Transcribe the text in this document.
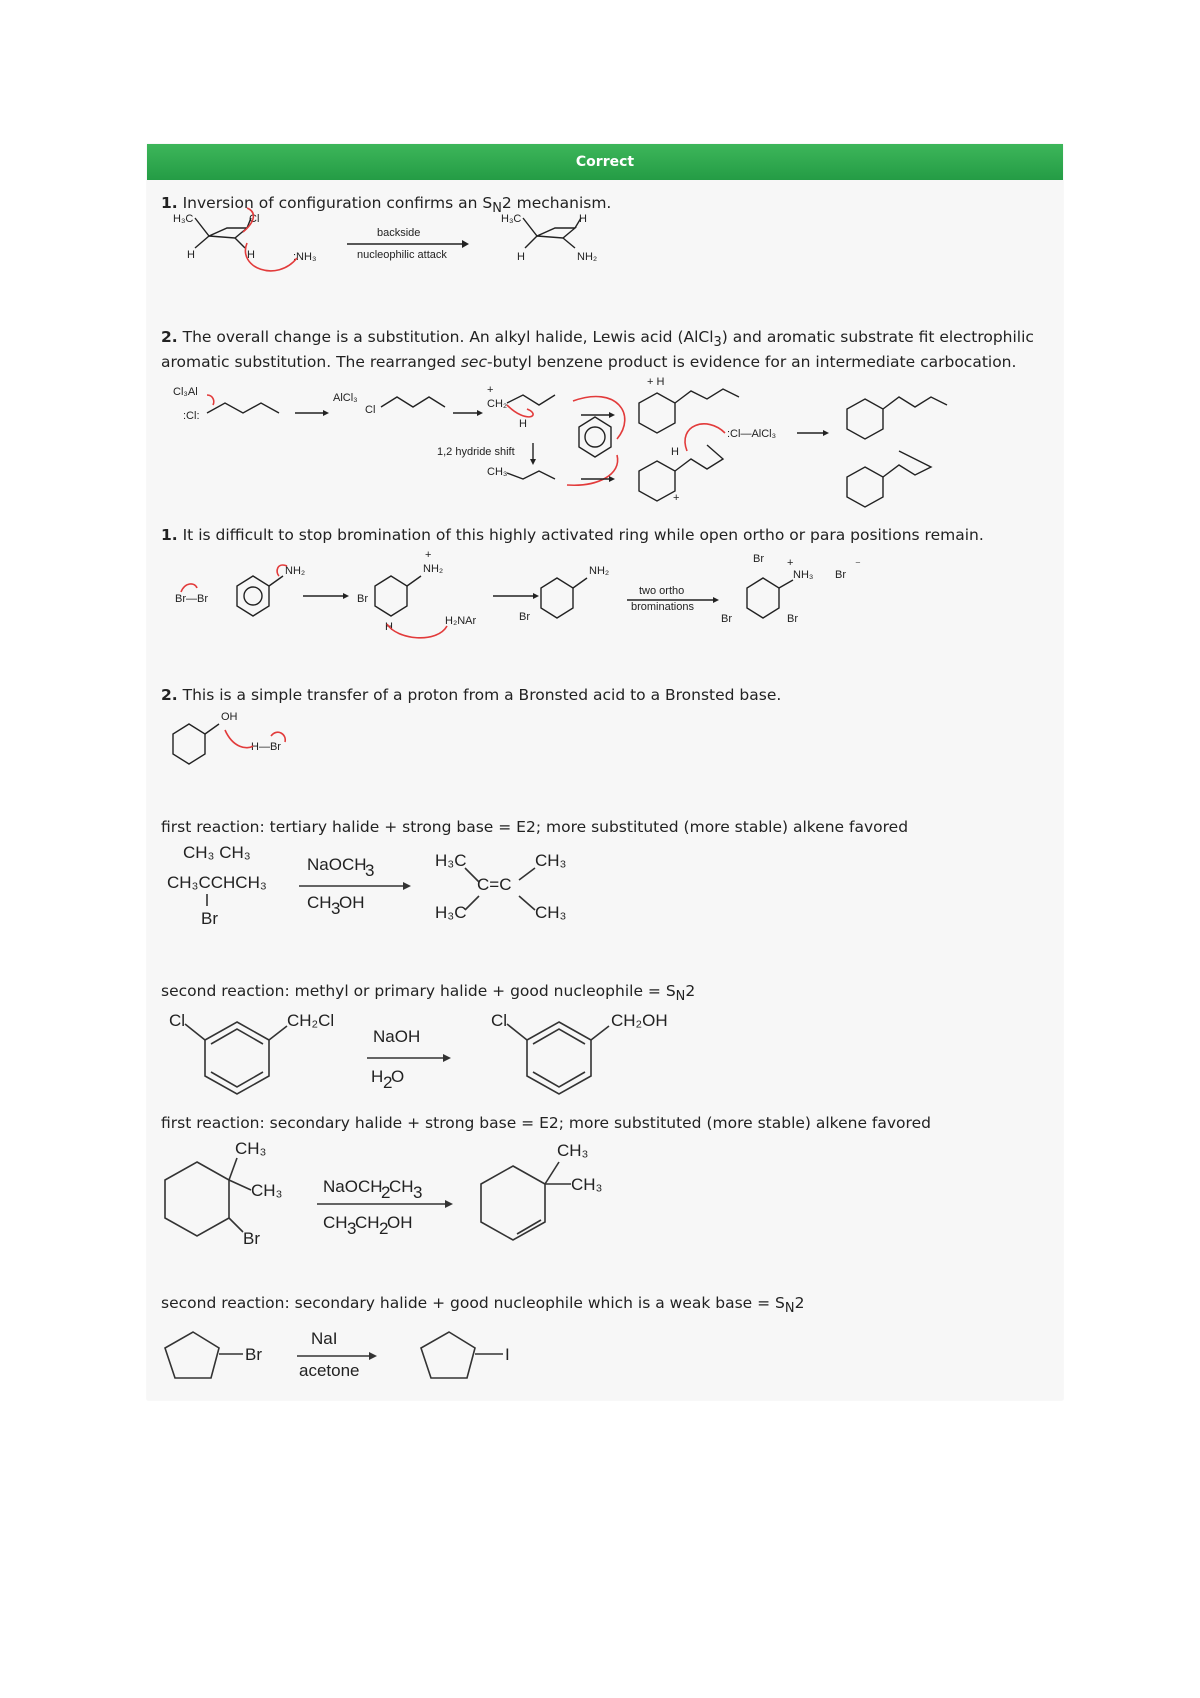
Correct
1. Inversion of configuration confirms an $S_N2$ mechanism.
H₃C	Cl
H	H	:NH₃
backside
nucleophilic attack
H₃C	H
H	NH₂
2. The overall change is a substitution. An alkyl halide, Lewis acid (AlCl$_3$) and aromatic substrate fit electrophilic
aromatic substitution. The rearranged sec-butyl benzene product is evidence for an intermediate carbocation.
Cl₃Al
:Cl:
AlCl₃
Cl	CH₂
+
H
1,2 hydride shift
CH₃
+ H
:Cl—AlCl₃
H
+
1. It is difficult to stop bromination of this highly activated ring while open ortho or para positions remain.
Br—Br
NH₂
Br
NH₂
+
H	H₂NAr	Br
NH₂
two ortho
brominations
Br +
NH₃ Br
⁻
Br	Br
2. This is a simple transfer of a proton from a Bronsted acid to a Bronsted base.
OH
H—Br
first reaction: tertiary halide + strong base = E2; more substituted (more stable) alkene favored
CH₃ CH₃
CH₃CCHCH₃
Br
NaOCH
3
CH 3
OH
H₃C	CH₃
C=C
H₃C	CH₃
second reaction: methyl or primary halide + good nucleophile = $S_N2$
Cl	CH₂Cl
NaOH
H 2
O
Cl	CH₂OH
first reaction: secondary halide + strong base = E2; more substituted (more stable) alkene favored
CH₃
CH₃
Br
NaOCH
2
CH 3
CH 3
CH 2
OH
CH₃
CH₃
second reaction: secondary halide + good nucleophile which is a weak base = $S_N2$
Br
NaI
acetone
I
